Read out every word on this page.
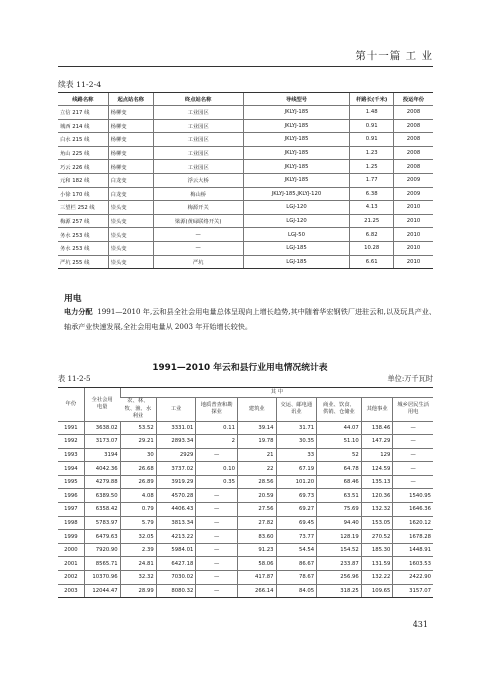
第十一篇 工 业
续表 11-2-4
线路名称	起点站名称	终点站名称	导线型号	杆路长(千米)	投运年份
立信 217 线	杨柳变	工业园区	JKLYJ-185	1.48	2008
城西 214 线	杨柳变	工业园区	JKLYJ-185	0.91	2008
白水 215 线	杨柳变	工业园区	JKLYJ-185	0.91	2008
角山 225 线	杨柳变	工业园区	JKLYJ-185	1.23	2008
巧云 226 线	杨柳变	工业园区	JKLYJ-185	1.25	2008
元和 182 线	白龙变	浮云大桥	JKLYJ-185	1.77	2009
小徐 170 线	白龙变	梅山桥	JKLYJ-185,JKLYJ-120	6.38	2009
三望栏 252 线	崇头变	梅源开关	LGJ-120	4.13	2010
梅源 257 线	崇头变	梁源(黄碌联络开关)	LGJ-120	21.25	2010
务水 253 线	崇头变	—	LGJ-50	6.82	2010
务水 253 线	崇头变	—	LGJ-185	10.28	2010
严坑 255 线	崇头变	严坑	LGJ-185	6.61	2010
用电
电力分配 1991—2010 年,云和县全社会用电量总体呈现向上增长趋势,其中随着华宏钢铁厂进驻云和,以及玩具产业、轴承产业快速发展,全社会用电量从 2003 年开始增长较快。
1991—2010 年云和县行业用电情况统计表
表 11-2-5	单位:万千瓦时
年份	全社会用电量	其 中							
		农、林、牧、渔、水利业	工业	地质普查和勘探业	建筑业	交运、邮电通讯业	商业、饮食、供销、仓储业	其他事业	城乡居民生活用电
1991	3638.02	53.52	3331.01	0.11	39.14	31.71	44.07	138.46	—
1992	3173.07	29.21	2893.34	2	19.78	30.35	51.10	147.29	—
1993	3194	30	2929	—	21	33	52	129	—
1994	4042.36	26.68	3737.02	0.10	22	67.19	64.78	124.59	—
1995	4279.88	26.89	3919.29	0.35	28.56	101.20	68.46	135.13	—
1996	6389.50	4.08	4570.28	—	20.59	69.73	63.51	120.36	1540.95
1997	6358.42	0.79	4406.43	—	27.56	69.27	75.69	132.32	1646.36
1998	5783.97	5.79	3813.34	—	27.82	69.45	94.40	153.05	1620.12
1999	6479.63	32.05	4213.22	—	83.60	73.77	128.19	270.52	1678.28
2000	7920.90	2.39	5984.01	—	91.23	54.54	154.52	185.30	1448.91
2001	8565.71	24.81	6427.18	—	58.06	86.67	233.87	131.59	1603.53
2002	10370.96	32.32	7030.02	—	417.87	78.67	256.96	132.22	2422.90
2003	12044.47	28.99	8080.32	—	266.14	84.05	318.25	109.65	3157.07
431
